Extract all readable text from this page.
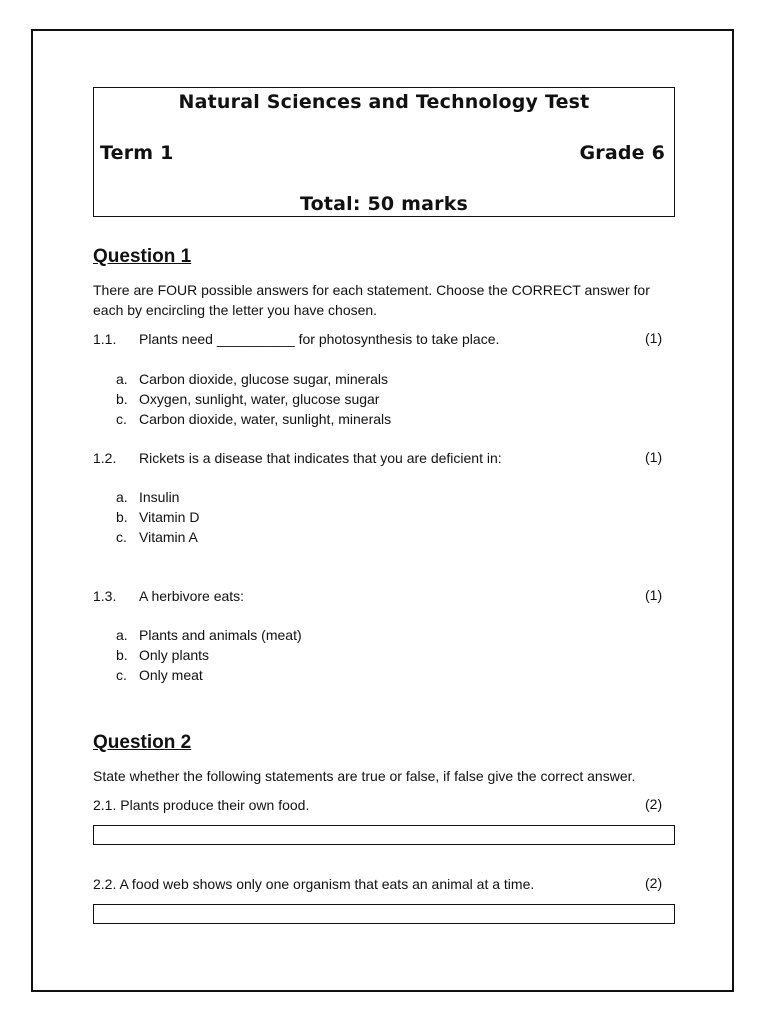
Natural Sciences and Technology Test
Term 1	Grade 6
Total: 50 marks
Question 1
There are FOUR possible answers for each statement. Choose the CORRECT answer for
each by encircling the letter you have chosen.
1.1. Plants need __________ for photosynthesis to take place.	(1)
a. Carbon dioxide, glucose sugar, minerals
b. Oxygen, sunlight, water, glucose sugar
c. Carbon dioxide, water, sunlight, minerals
1.2. Rickets is a disease that indicates that you are deficient in:	(1)
a. Insulin
b. Vitamin D
c. Vitamin A
1.3. A herbivore eats:	(1)
a. Plants and animals (meat)
b. Only plants
c. Only meat
Question 2
State whether the following statements are true or false, if false give the correct answer.
2.1. Plants produce their own food.	(2)
2.2. A food web shows only one organism that eats an animal at a time.	(2)
